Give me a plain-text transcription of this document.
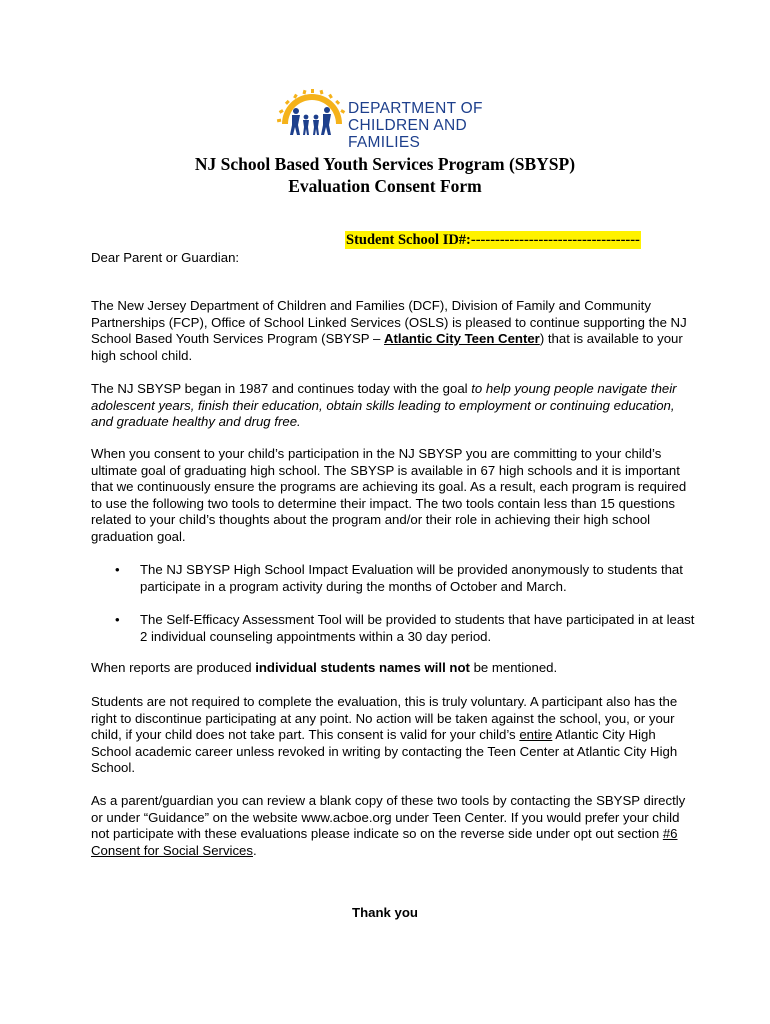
DEPARTMENT OF
CHILDREN AND FAMILIES
NJ School Based Youth Services Program (SBYSP)
Evaluation Consent Form
Student School ID#:-----------------------------------
Dear Parent or Guardian:
The New Jersey Department of Children and Families (DCF), Division of Family and Community Partnerships (FCP), Office of School Linked Services (OSLS) is pleased to continue supporting the NJ School Based Youth Services Program (SBYSP – Atlantic City Teen Center) that is available to your high school child.
The NJ SBYSP began in 1987 and continues today with the goal to help young people navigate their adolescent years, finish their education, obtain skills leading to employment or continuing education, and graduate healthy and drug free.
When you consent to your child’s participation in the NJ SBYSP you are committing to your child’s ultimate goal of graduating high school. The SBYSP is available in 67 high schools and it is important that we continuously ensure the programs are achieving its goal. As a result, each program is required to use the following two tools to determine their impact. The two tools contain less than 15 questions related to your child’s thoughts about the program and/or their role in achieving their high school graduation goal.
• The NJ SBYSP High School Impact Evaluation will be provided anonymously to students that participate in a program activity during the months of October and March.
• The Self-Efficacy Assessment Tool will be provided to students that have participated in at least 2 individual counseling appointments within a 30 day period.
When reports are produced individual students names will not be mentioned.
Students are not required to complete the evaluation, this is truly voluntary. A participant also has the right to discontinue participating at any point. No action will be taken against the school, you, or your child, if your child does not take part. This consent is valid for your child’s entire Atlantic City High School academic career unless revoked in writing by contacting the Teen Center at Atlantic City High School.
As a parent/guardian you can review a blank copy of these two tools by contacting the SBYSP directly or under “Guidance” on the website www.acboe.org under Teen Center. If you would prefer your child not participate with these evaluations please indicate so on the reverse side under opt out section #6 Consent for Social Services.
Thank you
